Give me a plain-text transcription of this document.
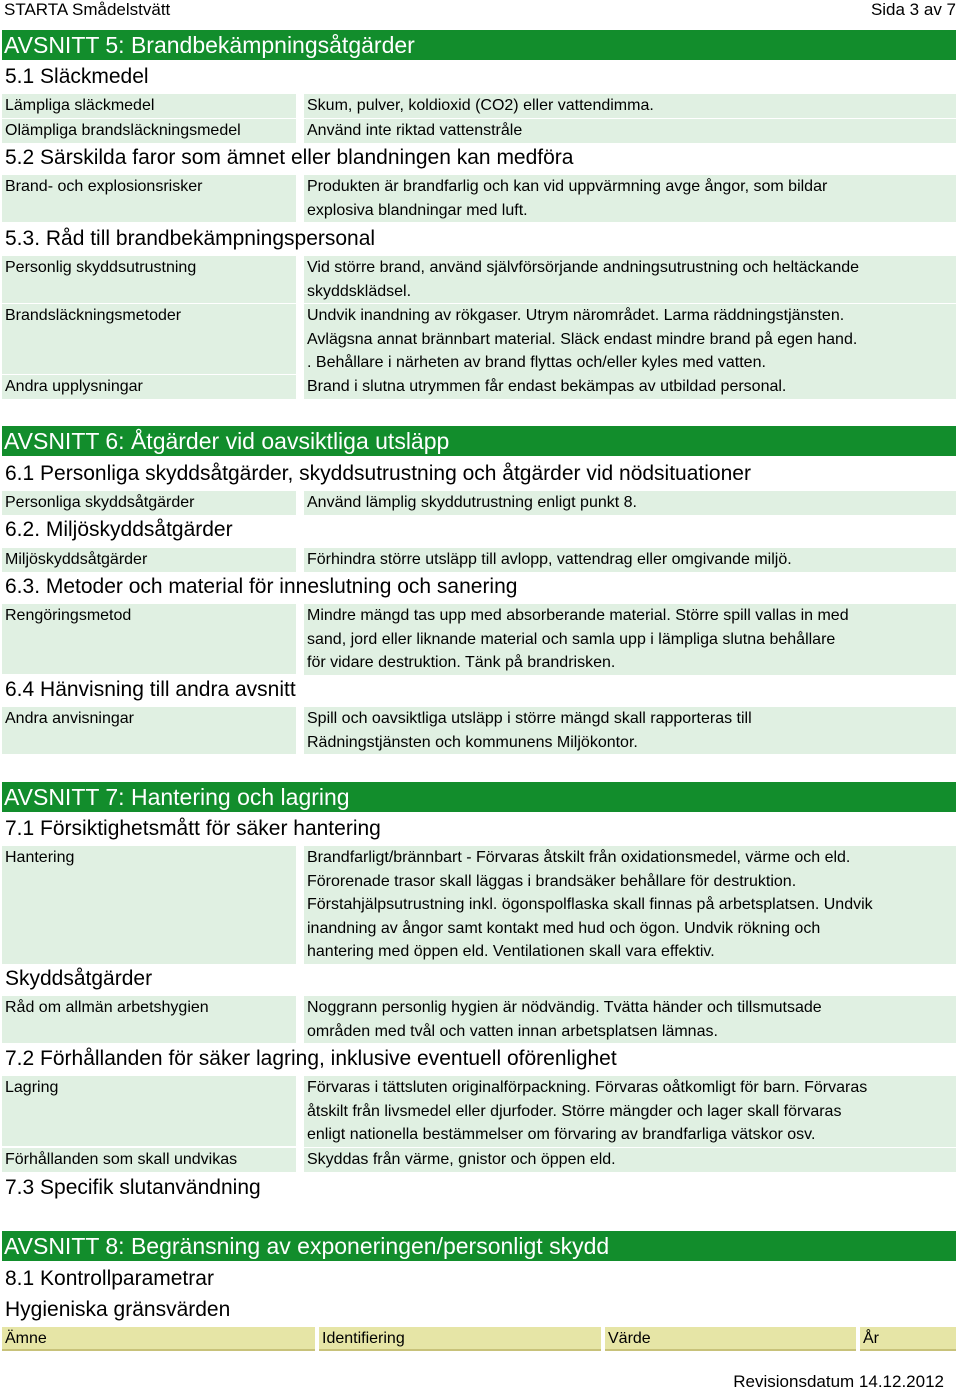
STARTA Smådelstvätt	Sida 3 av 7
AVSNITT 5: Brandbekämpningsåtgärder
5.1 Släckmedel
Lämpliga släckmedel	Skum, pulver, koldioxid (CO2) eller vattendimma.
Olämpliga brandsläckningsmedel	Använd inte riktad vattenstråle
5.2 Särskilda faror som ämnet eller blandningen kan medföra
Brand- och explosionsrisker	Produkten är brandfarlig och kan vid uppvärmning avge ångor, som bildar
explosiva blandningar med luft.
5.3. Råd till brandbekämpningspersonal
Personlig skyddsutrustning	Vid större brand, använd självförsörjande andningsutrustning och heltäckande
skyddsklädsel.
Brandsläckningsmetoder	Undvik inandning av rökgaser. Utrym närområdet. Larma räddningstjänsten.
Avlägsna annat brännbart material. Släck endast mindre brand på egen hand.
. Behållare i närheten av brand flyttas och/eller kyles med vatten.
Andra upplysningar	Brand i slutna utrymmen får endast bekämpas av utbildad personal.
AVSNITT 6: Åtgärder vid oavsiktliga utsläpp
6.1 Personliga skyddsåtgärder, skyddsutrustning och åtgärder vid nödsituationer
Personliga skyddsåtgärder	Använd lämplig skyddutrustning enligt punkt 8.
6.2. Miljöskyddsåtgärder
Miljöskyddsåtgärder	Förhindra större utsläpp till avlopp, vattendrag eller omgivande miljö.
6.3. Metoder och material för inneslutning och sanering
Rengöringsmetod	Mindre mängd tas upp med absorberande material. Större spill vallas in med
sand, jord eller liknande material och samla upp i lämpliga slutna behållare
för vidare destruktion. Tänk på brandrisken.
6.4 Hänvisning till andra avsnitt
Andra anvisningar	Spill och oavsiktliga utsläpp i större mängd skall rapporteras till
Rädningstjänsten och kommunens Miljökontor.
AVSNITT 7: Hantering och lagring
7.1 Försiktighetsmått för säker hantering
Hantering	Brandfarligt/brännbart - Förvaras åtskilt från oxidationsmedel, värme och eld.
Förorenade trasor skall läggas i brandsäker behållare för destruktion.
Förstahjälpsutrustning inkl. ögonspolflaska skall finnas på arbetsplatsen. Undvik
inandning av ångor samt kontakt med hud och ögon. Undvik rökning och
hantering med öppen eld. Ventilationen skall vara effektiv.
Skyddsåtgärder
Råd om allmän arbetshygien	Noggrann personlig hygien är nödvändig. Tvätta händer och tillsmutsade
områden med tvål och vatten innan arbetsplatsen lämnas.
7.2 Förhållanden för säker lagring, inklusive eventuell oförenlighet
Lagring	Förvaras i tättsluten originalförpackning. Förvaras oåtkomligt för barn. Förvaras
åtskilt från livsmedel eller djurfoder. Större mängder och lager skall förvaras
enligt nationella bestämmelser om förvaring av brandfarliga vätskor osv.
Förhållanden som skall undvikas	Skyddas från värme, gnistor och öppen eld.
7.3 Specifik slutanvändning
AVSNITT 8: Begränsning av exponeringen/personligt skydd
8.1 Kontrollparametrar
Hygieniska gränsvärden
Ämne	Identifiering	Värde	År
Revisionsdatum 14.12.2012
